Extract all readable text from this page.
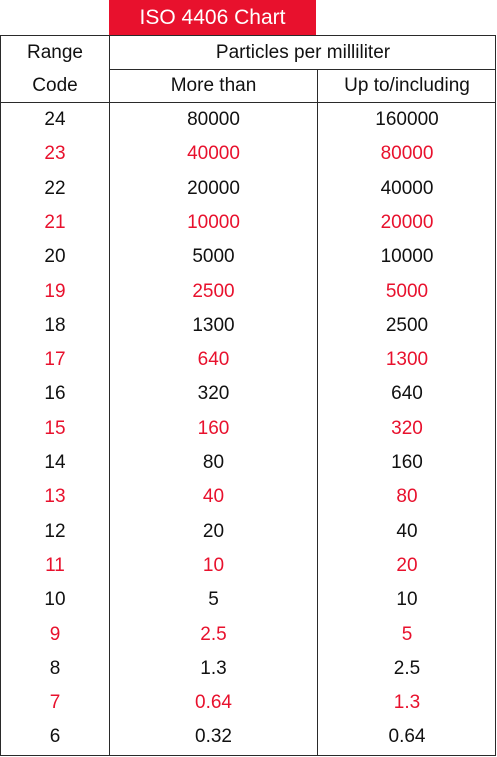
ISO 4406 Chart
Range
Code
Particles per milliliter
More than	Up to/including
24	80000	160000
23	40000	80000
22	20000	40000
21	10000	20000
20	5000	10000
19	2500	5000
18	1300	2500
17	640	1300
16	320	640
15	160	320
14	80	160
13	40	80
12	20	40
11	10	20
10	5	10
9	2.5	5
8	1.3	2.5
7	0.64	1.3
6	0.32	0.64
